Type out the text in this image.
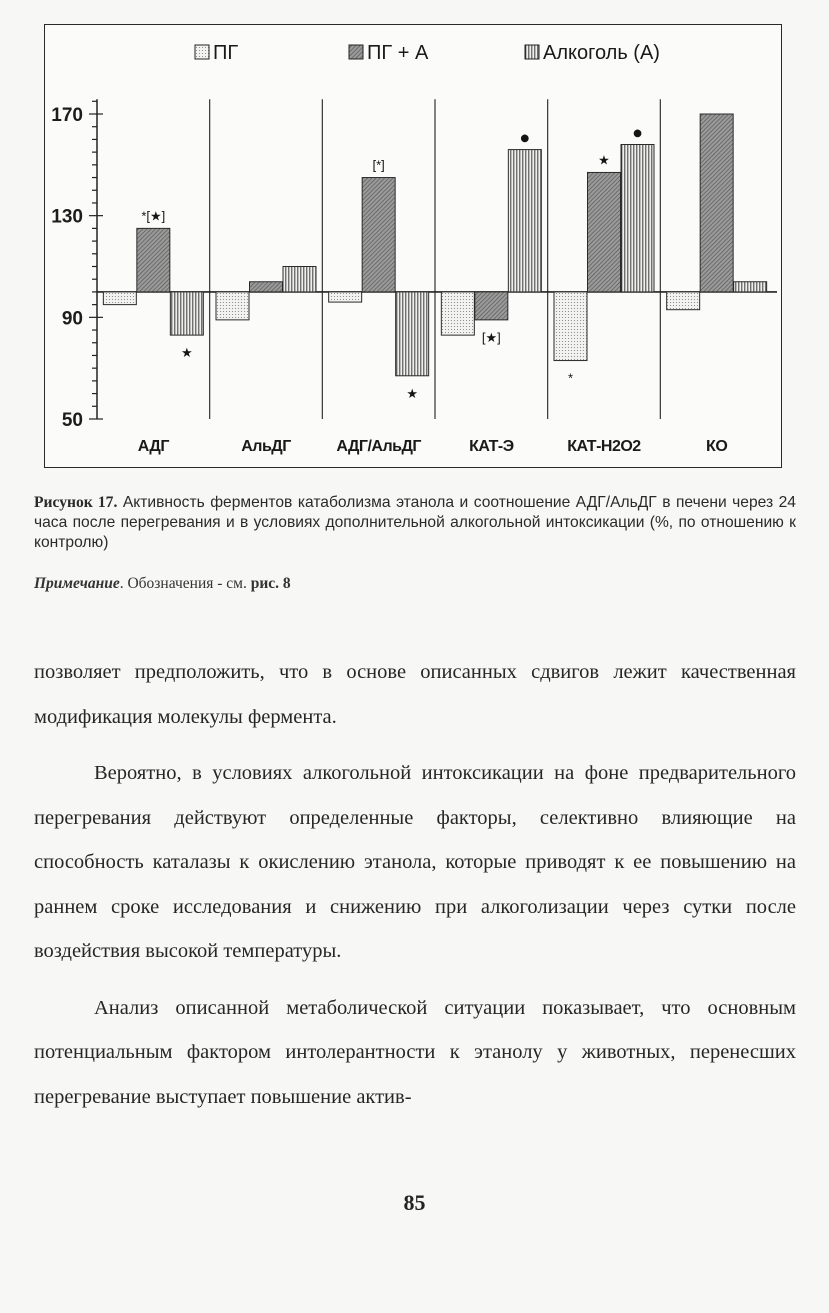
170
130
90
50
*[★]
★
[*]
★
[★]
●
*
★
●
АДГ	АльДГ	АДГ/АльДГ	КАТ-Э	КАТ-H2O2	КО
ПГ	ПГ + А	Алкоголь (А)
Рисунок 17. Активность ферментов катаболизма этанола и соотношение АДГ/АльДГ в печени через 24 часа после перегревания и в условиях дополнительной алкогольной интоксикации (%, по отношению к контролю)
Примечание. Обозначения - см. рис. 8

позволяет предположить, что в основе описанных сдвигов лежит качественная модификация молекулы фермента.

Вероятно, в условиях алкогольной интоксикации на фоне предварительного перегревания действуют определенные факторы, селективно влияющие на способность каталазы к окислению этанола, которые приводят к ее повышению на раннем сроке исследования и снижению при алкоголизации через сутки после воздействия высокой температуры.

Анализ описанной метаболической ситуации показывает, что основным потенциальным фактором интолерантности к этанолу у животных, перенесших перегревание выступает повышение актив-

85
